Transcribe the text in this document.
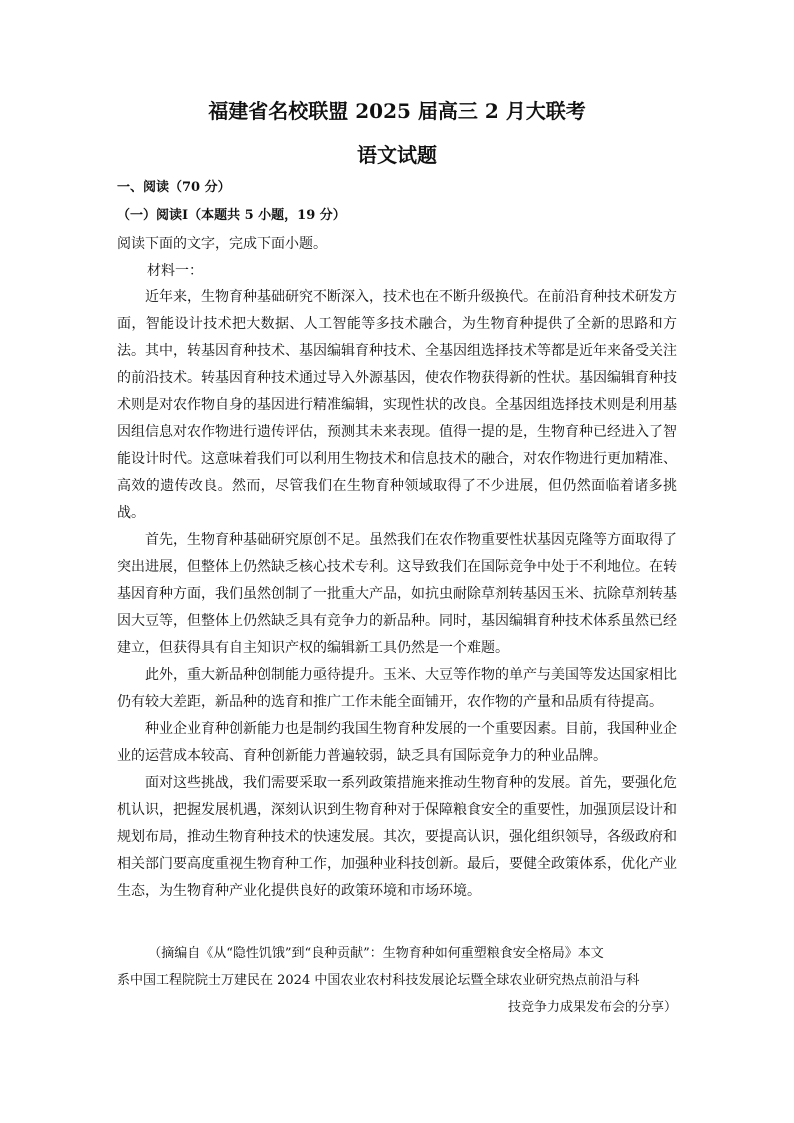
福建省名校联盟 2025 届高三 2 月大联考
语文试题
一、阅读（70 分）
（一）阅读Ⅰ（本题共 5 小题，19 分）
阅读下面的文字，完成下面小题。
材料一：

近年来，生物育种基础研究不断深入，技术也在不断升级换代。在前沿育种技术研发方面，智能设计技术把大数据、人工智能等多技术融合，为生物育种提供了全新的思路和方法。其中，转基因育种技术、基因编辑育种技术、全基因组选择技术等都是近年来备受关注的前沿技术。转基因育种技术通过导入外源基因，使农作物获得新的性状。基因编辑育种技术则是对农作物自身的基因进行精准编辑，实现性状的改良。全基因组选择技术则是利用基因组信息对农作物进行遗传评估，预测其未来表现。值得一提的是，生物育种已经进入了智能设计时代。这意味着我们可以利用生物技术和信息技术的融合，对农作物进行更加精准、高效的遗传改良。然而，尽管我们在生物育种领域取得了不少进展，但仍然面临着诸多挑战。

首先，生物育种基础研究原创不足。虽然我们在农作物重要性状基因克隆等方面取得了突出进展，但整体上仍然缺乏核心技术专利。这导致我们在国际竞争中处于不利地位。在转基因育种方面，我们虽然创制了一批重大产品，如抗虫耐除草剂转基因玉米、抗除草剂转基因大豆等，但整体上仍然缺乏具有竞争力的新品种。同时，基因编辑育种技术体系虽然已经建立，但获得具有自主知识产权的编辑新工具仍然是一个难题。

此外，重大新品种创制能力亟待提升。玉米、大豆等作物的单产与美国等发达国家相比仍有较大差距，新品种的选育和推广工作未能全面铺开，农作物的产量和品质有待提高。

种业企业育种创新能力也是制约我国生物育种发展的一个重要因素。目前，我国种业企业的运营成本较高、育种创新能力普遍较弱，缺乏具有国际竞争力的种业品牌。

面对这些挑战，我们需要采取一系列政策措施来推动生物育种的发展。首先，要强化危机认识，把握发展机遇，深刻认识到生物育种对于保障粮食安全的重要性，加强顶层设计和规划布局，推动生物育种技术的快速发展。其次，要提高认识，强化组织领导，各级政府和相关部门要高度重视生物育种工作，加强种业科技创新。最后，要健全政策体系，优化产业生态，为生物育种产业化提供良好的政策环境和市场环境。

（摘编自《从“隐性饥饿”到“良种贡献”：生物育种如何重塑粮食安全格局》本文
系中国工程院院士万建民在 2024 中国农业农村科技发展论坛暨全球农业研究热点前沿与科
技竞争力成果发布会的分享）
